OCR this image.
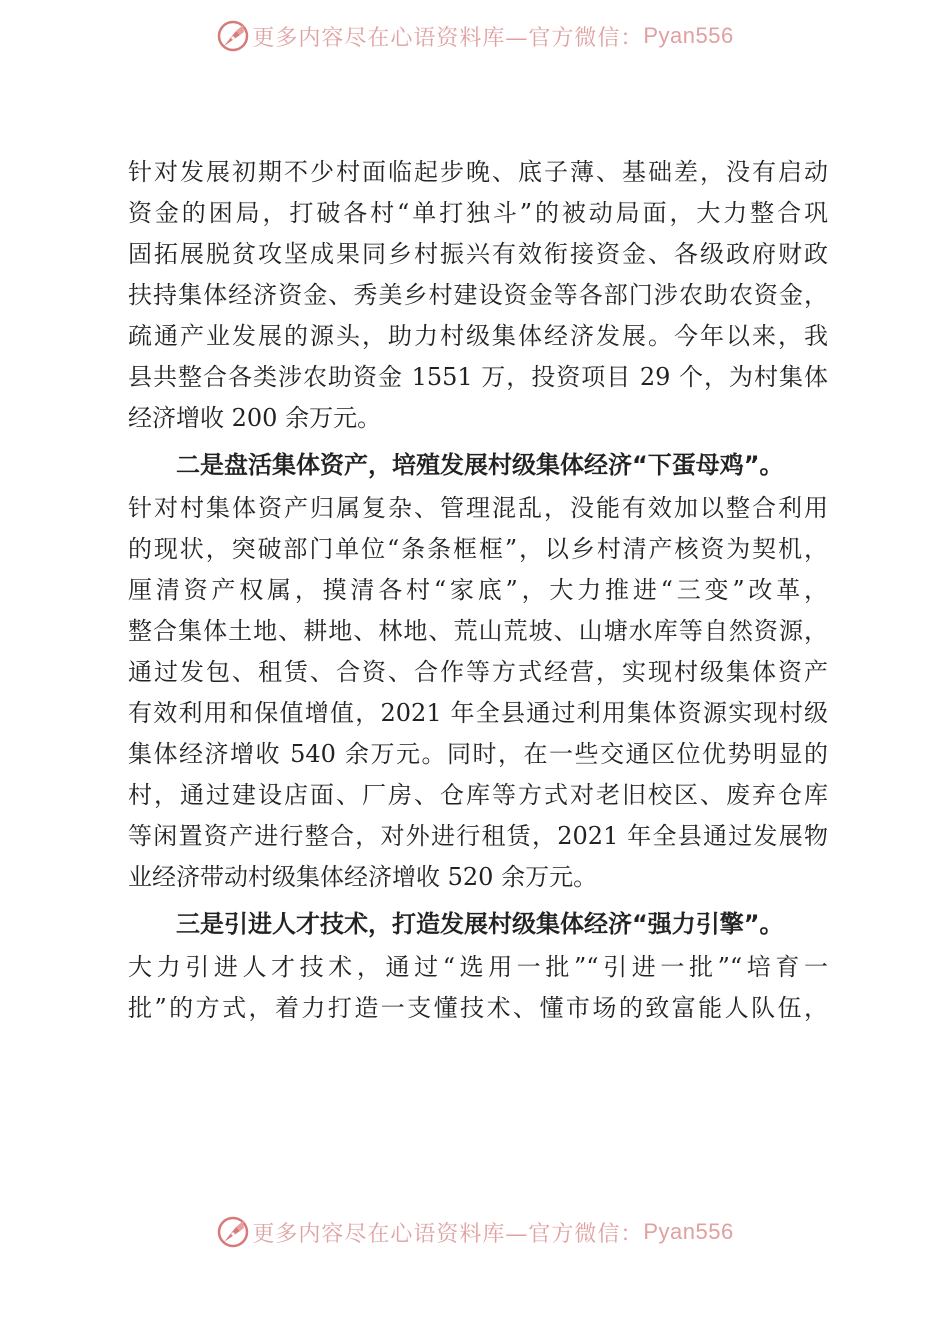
更多内容尽在心语资料库—官方微信： Pyan556
针对发展初期不少村面临起步晚、底子薄、基础差，没有启动
资金的困局，打破各村“单打独斗”的被动局面，大力整合巩
固拓展脱贫攻坚成果同乡村振兴有效衔接资金、各级政府财政
扶持集体经济资金、秀美乡村建设资金等各部门涉农助农资金，
疏通产业发展的源头，助力村级集体经济发展。今年以来，我
县共整合各类涉农助资金 1551 万，投资项目 29 个，为村集体
经济增收 200 余万元。
二是盘活集体资产，培殖发展村级集体经济“下蛋母鸡”。
针对村集体资产归属复杂、管理混乱，没能有效加以整合利用
的现状，突破部门单位“条条框框”，以乡村清产核资为契机，
厘清资产权属，摸清各村“家底”，大力推进“三变”改革，
整合集体土地、耕地、林地、荒山荒坡、山塘水库等自然资源，
通过发包、租赁、合资、合作等方式经营，实现村级集体资产
有效利用和保值增值，2021 年全县通过利用集体资源实现村级
集体经济增收 540 余万元。同时，在一些交通区位优势明显的
村，通过建设店面、厂房、仓库等方式对老旧校区、废弃仓库
等闲置资产进行整合，对外进行租赁，2021 年全县通过发展物
业经济带动村级集体经济增收 520 余万元。
三是引进人才技术，打造发展村级集体经济“强力引擎”。
大力引进人才技术，通过“选用一批”“引进一批”“培育一
批”的方式，着力打造一支懂技术、懂市场的致富能人队伍，
更多内容尽在心语资料库—官方微信： Pyan556
